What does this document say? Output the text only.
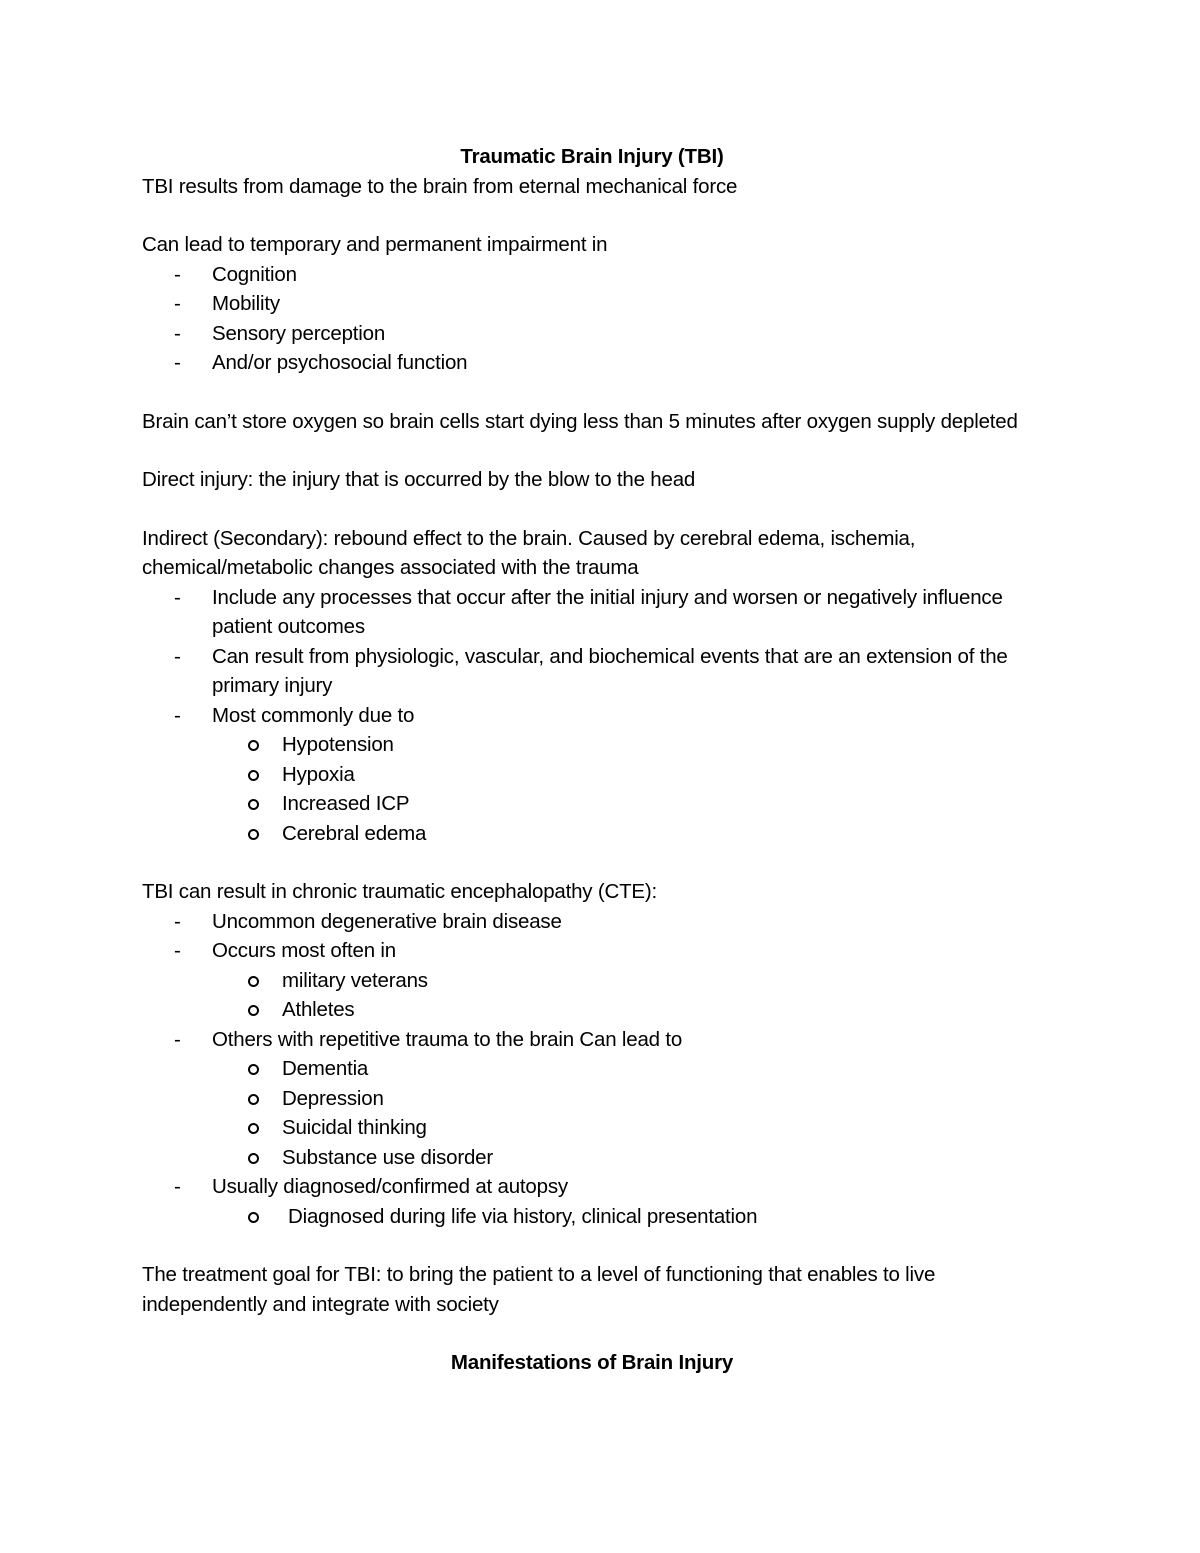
Traumatic Brain Injury (TBI)

TBI results from damage to the brain from eternal mechanical force

Can lead to temporary and permanent impairment in

- Cognition
- Mobility
- Sensory perception
- And/or psychosocial function

Brain can’t store oxygen so brain cells start dying less than 5 minutes after oxygen supply depleted

Direct injury: the injury that is occurred by the blow to the head

Indirect (Secondary): rebound effect to the brain. Caused by cerebral edema, ischemia, chemical/metabolic changes associated with the trauma

- Include any processes that occur after the initial injury and worsen or negatively influence patient outcomes
- Can result from physiologic, vascular, and biochemical events that are an extension of the primary injury
- Most commonly due to
Hypotension
Hypoxia
Increased ICP
Cerebral edema

TBI can result in chronic traumatic encephalopathy (CTE):

- Uncommon degenerative brain disease
- Occurs most often in
military veterans
Athletes
- Others with repetitive trauma to the brain Can lead to
Dementia
Depression
Suicidal thinking
Substance use disorder
- Usually diagnosed/confirmed at autopsy
Diagnosed during life via history, clinical presentation

The treatment goal for TBI: to bring the patient to a level of functioning that enables to live independently and integrate with society

Manifestations of Brain Injury
